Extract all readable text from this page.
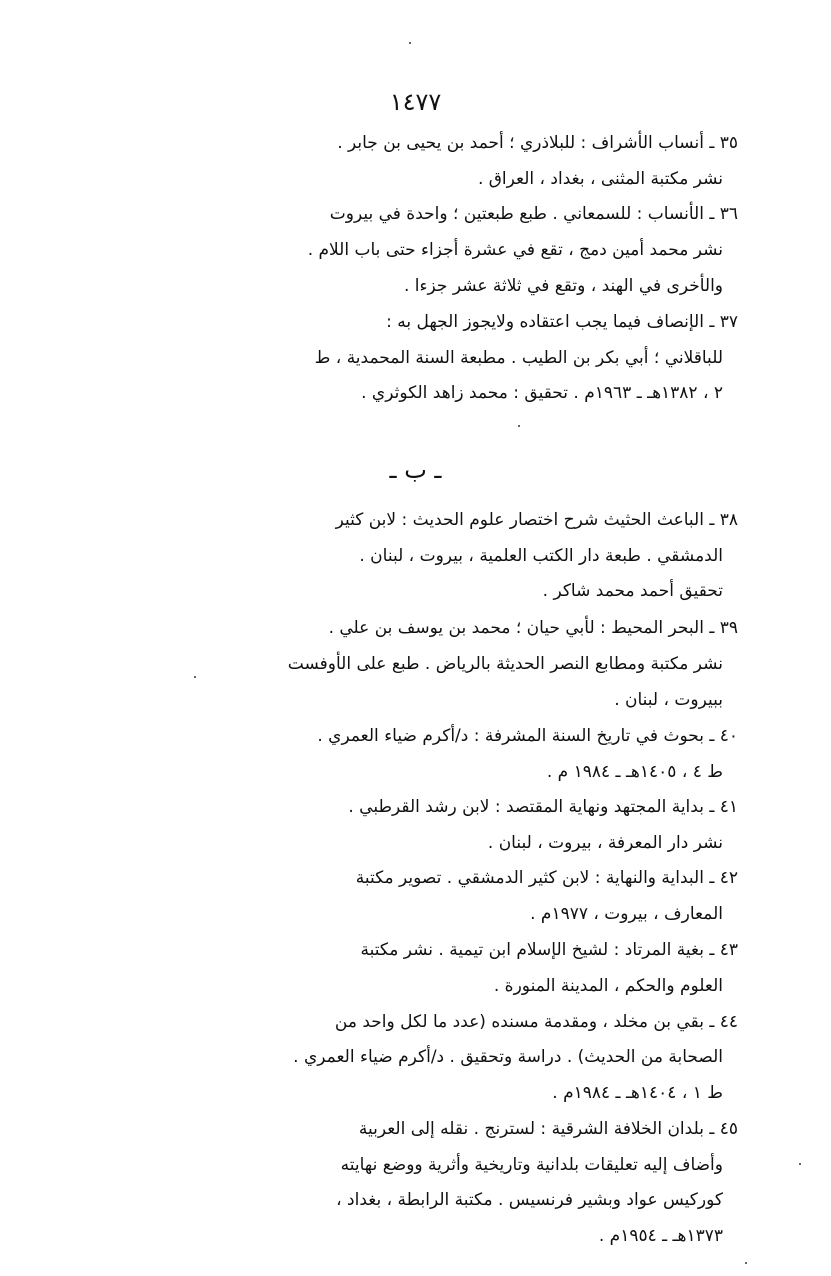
١٤٧٧
٣٥ ـ أنساب الأشراف : للبلاذري ؛ أحمد بن يحيى بن جابر .
نشر مكتبة المثنى ، بغداد ، العراق .
٣٦ ـ الأنساب : للسمعاني . طبع طبعتين ؛ واحدة في بيروت
نشر محمد أمين دمج ، تقع في عشرة أجزاء حتى باب اللام .
والأخرى في الهند ، وتقع في ثلاثة عشر جزءا .
٣٧ ـ الإنصاف فيما يجب اعتقاده ولايجوز الجهل به :
للباقلاني ؛ أبي بكر بن الطيب . مطبعة السنة المحمدية ، ط
٢ ، ١٣٨٢هـ ـ ١٩٦٣م . تحقيق : محمد زاهد الكوثري .
٣٨ ـ الباعث الحثيث شرح اختصار علوم الحديث : لابن كثير
الدمشقي . طبعة دار الكتب العلمية ، بيروت ، لبنان .
تحقيق أحمد محمد شاكر .
٣٩ ـ البحر المحيط : لأبي حيان ؛ محمد بن يوسف بن علي .
نشر مكتبة ومطابع النصر الحديثة بالرياض . طبع على الأوفست
ببيروت ، لبنان .
٤٠ ـ بحوث في تاريخ السنة المشرفة : د/أكرم ضياء العمري .
ط ٤ ، ١٤٠٥هـ ـ ١٩٨٤ م .
٤١ ـ بداية المجتهد ونهاية المقتصد : لابن رشد القرطبي .
نشر دار المعرفة ، بيروت ، لبنان .
٤٢ ـ البداية والنهاية : لابن كثير الدمشقي . تصوير مكتبة
المعارف ، بيروت ، ١٩٧٧م .
٤٣ ـ بغية المرتاد : لشيخ الإسلام ابن تيمية . نشر مكتبة
العلوم والحكم ، المدينة المنورة .
٤٤ ـ بقي بن مخلد ، ومقدمة مسنده (عدد ما لكل واحد من
الصحابة من الحديث) . دراسة وتحقيق . د/أكرم ضياء العمري .
ط ١ ، ١٤٠٤هـ ـ ١٩٨٤م .
٤٥ ـ بلدان الخلافة الشرقية : لسترنج . نقله إلى العربية
وأضاف إليه تعليقات بلدانية وتاريخية وأثرية ووضع نهايته
كوركيس عواد وبشير فرنسيس . مكتبة الرابطة ، بغداد ،
١٣٧٣هـ ـ ١٩٥٤م .
ـ ب ـ
